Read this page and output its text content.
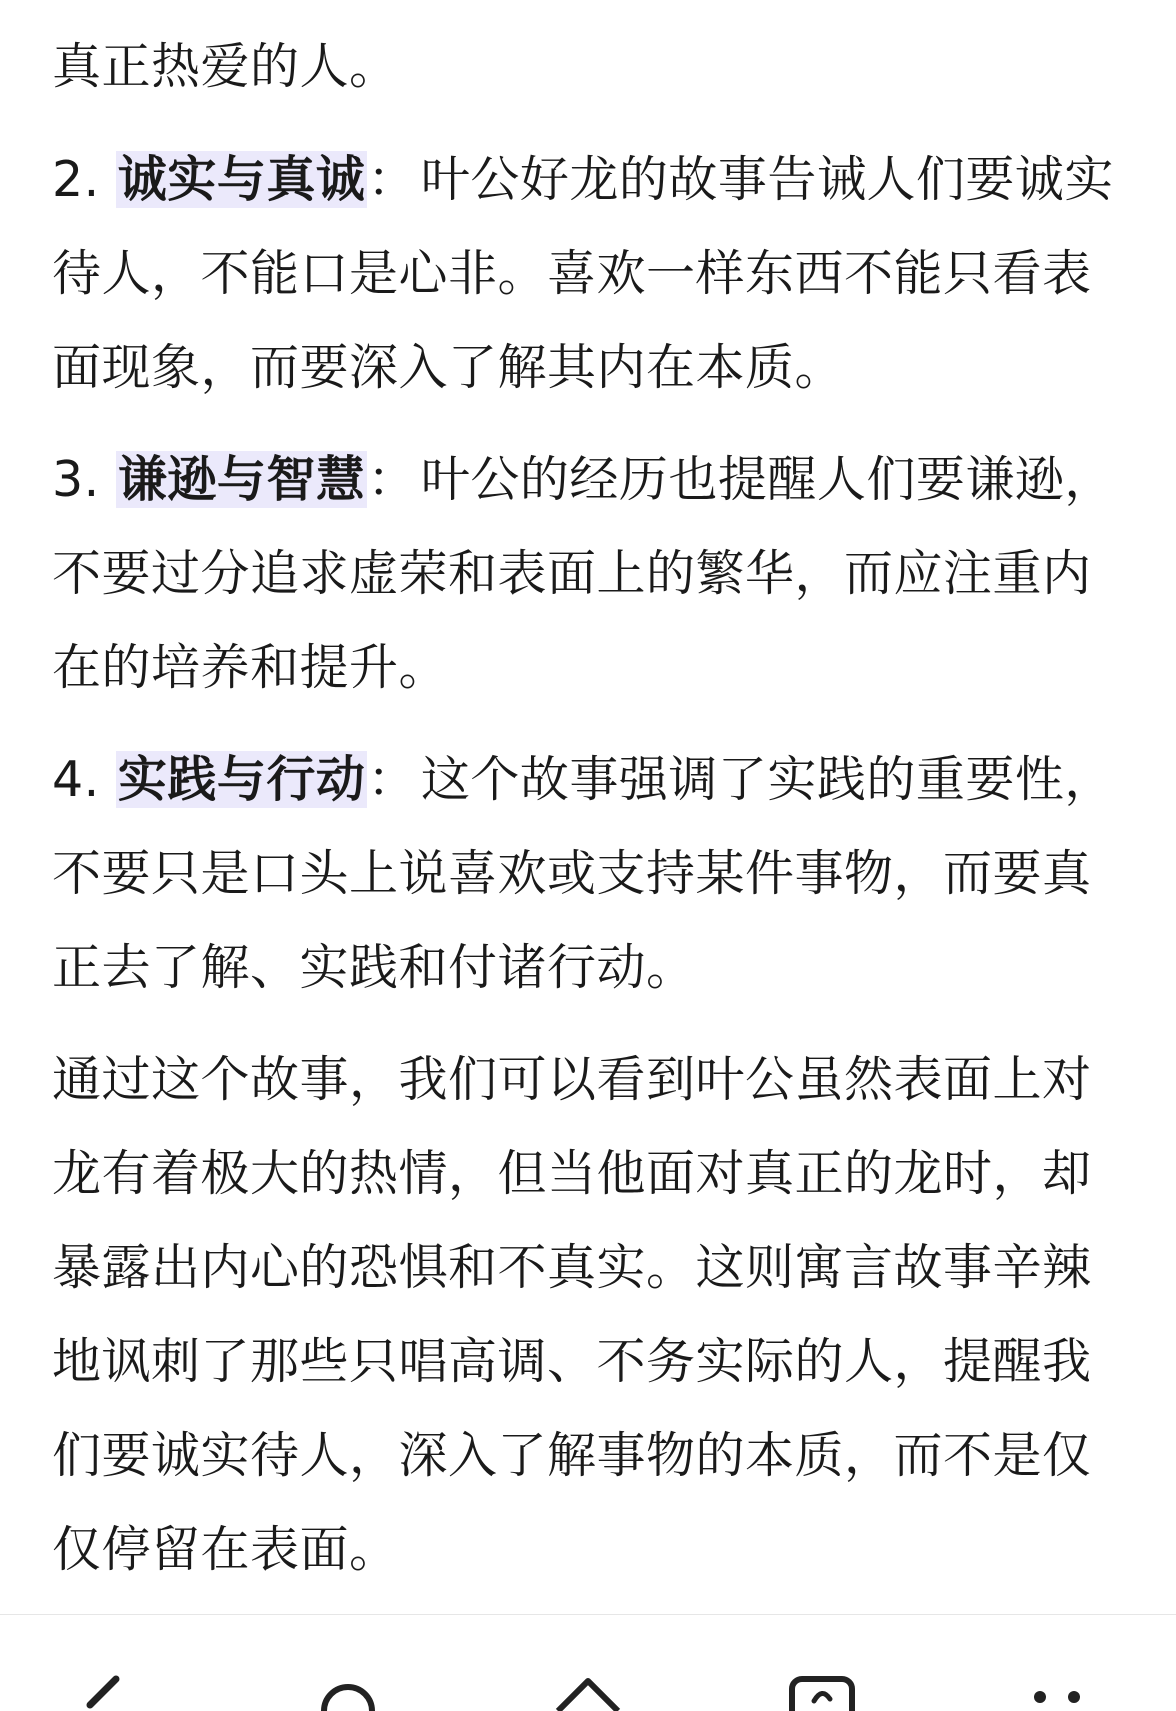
真正热爱的人。

2. 诚实与真诚：叶公好龙的故事告诫人们要诚实待人，不能口是心非。喜欢一样东西不能只看表面现象，而要深入了解其内在本质。

3. 谦逊与智慧：叶公的经历也提醒人们要谦逊，不要过分追求虚荣和表面上的繁华，而应注重内在的培养和提升。

4. 实践与行动：这个故事强调了实践的重要性，不要只是口头上说喜欢或支持某件事物，而要真正去了解、实践和付诸行动。

通过这个故事，我们可以看到叶公虽然表面上对龙有着极大的热情，但当他面对真正的龙时，却暴露出内心的恐惧和不真实。这则寓言故事辛辣地讽刺了那些只唱高调、不务实际的人，提醒我们要诚实待人，深入了解事物的本质，而不是仅仅停留在表面。
